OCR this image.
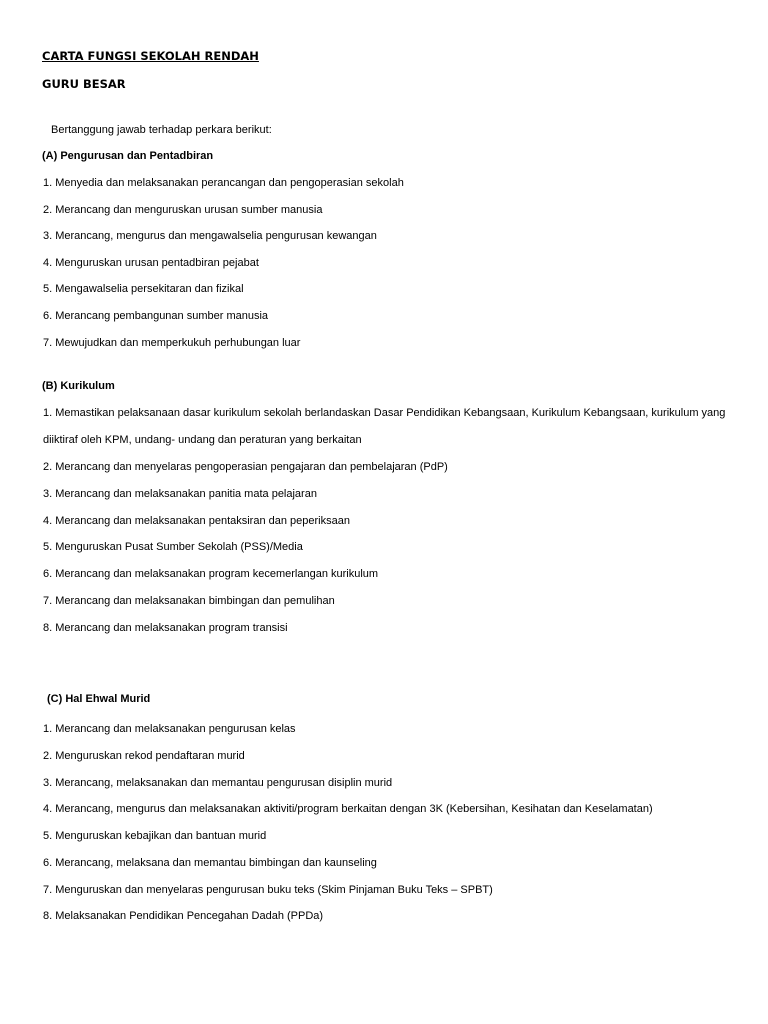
CARTA FUNGSI SEKOLAH RENDAH
GURU BESAR
Bertanggung jawab terhadap perkara berikut:
(A) Pengurusan dan Pentadbiran
1. Menyedia dan melaksanakan perancangan dan pengoperasian sekolah
2. Merancang dan menguruskan urusan sumber manusia
3. Merancang, mengurus dan mengawalselia pengurusan kewangan
4. Menguruskan urusan pentadbiran pejabat
5. Mengawalselia persekitaran dan fizikal
6. Merancang pembangunan sumber manusia
7. Mewujudkan dan memperkukuh perhubungan luar
(B) Kurikulum
1. Memastikan pelaksanaan dasar kurikulum sekolah berlandaskan Dasar Pendidikan Kebangsaan, Kurikulum Kebangsaan, kurikulum yang
diiktiraf oleh KPM, undang- undang dan peraturan yang berkaitan
2. Merancang dan menyelaras pengoperasian pengajaran dan pembelajaran (PdP)
3. Merancang dan melaksanakan panitia mata pelajaran
4. Merancang dan melaksanakan pentaksiran dan peperiksaan
5. Menguruskan Pusat Sumber Sekolah (PSS)/Media
6. Merancang dan melaksanakan program kecemerlangan kurikulum
7. Merancang dan melaksanakan bimbingan dan pemulihan
8. Merancang dan melaksanakan program transisi
(C) Hal Ehwal Murid
1. Merancang dan melaksanakan pengurusan kelas
2. Menguruskan rekod pendaftaran murid
3. Merancang, melaksanakan dan memantau pengurusan disiplin murid
4. Merancang, mengurus dan melaksanakan aktiviti/program berkaitan dengan 3K (Kebersihan, Kesihatan dan Keselamatan)
5. Menguruskan kebajikan dan bantuan murid
6. Merancang, melaksana dan memantau bimbingan dan kaunseling
7. Menguruskan dan menyelaras pengurusan buku teks (Skim Pinjaman Buku Teks – SPBT)
8. Melaksanakan Pendidikan Pencegahan Dadah (PPDa)
